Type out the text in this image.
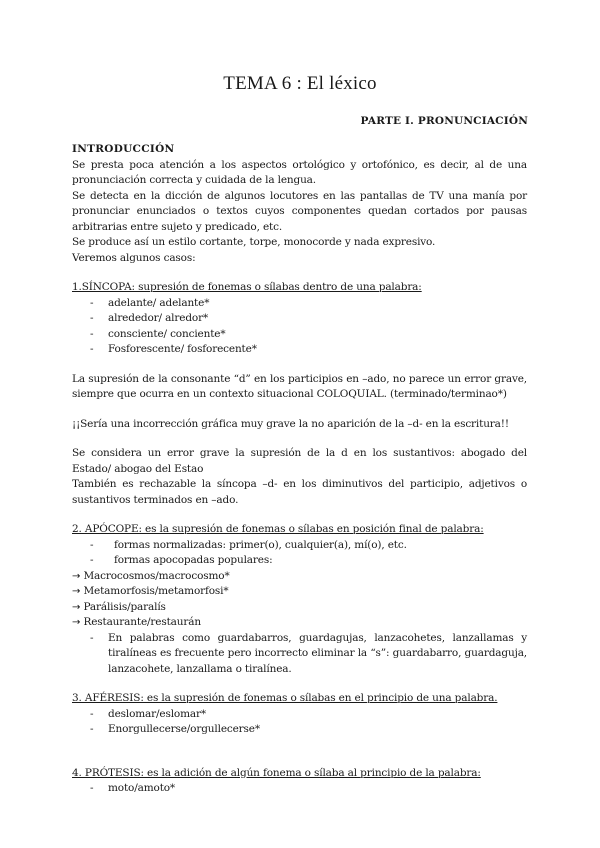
TEMA 6 : El léxico
PARTE I. PRONUNCIACIÓN

INTRODUCCIÓN

Se presta poca atención a los aspectos ortológico y ortofónico, es decir, al de una pronunciación correcta y cuidada de la lengua.

Se detecta en la dicción de algunos locutores en las pantallas de TV una manía por pronunciar enunciados o textos cuyos componentes quedan cortados por pausas arbitrarias entre sujeto y predicado, etc.

Se produce así un estilo cortante, torpe, monocorde y nada expresivo.

Veremos algunos casos:

1.SÍNCOPA: supresión de fonemas o sílabas dentro de una palabra:

- adelante/ adelante*
- alrededor/ alredor*
- consciente/ conciente*
- Fosforescente/ fosforecente*

La supresión de la consonante “d” en los participios en –ado, no parece un error grave, siempre que ocurra en un contexto situacional COLOQUIAL. (terminado/terminao*)

¡¡Sería una incorrección gráfica muy grave la no aparición de la –d- en la escritura!!

Se considera un error grave la supresión de la d en los sustantivos: abogado del Estado/ abogao del Estao

También es rechazable la síncopa –d- en los diminutivos del participio, adjetivos o sustantivos terminados en –ado.

2. APÓCOPE: es la supresión de fonemas o sílabas en posición final de palabra:

- formas normalizadas: primer(o), cualquier(a), mí(o), etc.
- formas apocopadas populares:

→ Macrocosmos/macrocosmo*

→ Metamorfosis/metamorfosi*

→ Parálisis/paralís

→ Restaurante/restaurán

- En palabras como guardabarros, guardagujas, lanzacohetes, lanzallamas y tiralíneas es frecuente pero incorrecto eliminar la “s”: guardabarro, guardaguja, lanzacohete, lanzallama o tiralínea.

3. AFÉRESIS: es la supresión de fonemas o sílabas en el principio de una palabra.

- deslomar/eslomar*
- Enorgullecerse/orgullecerse*

4. PRÓTESIS: es la adición de algún fonema o sílaba al principio de la palabra:

- moto/amoto*
